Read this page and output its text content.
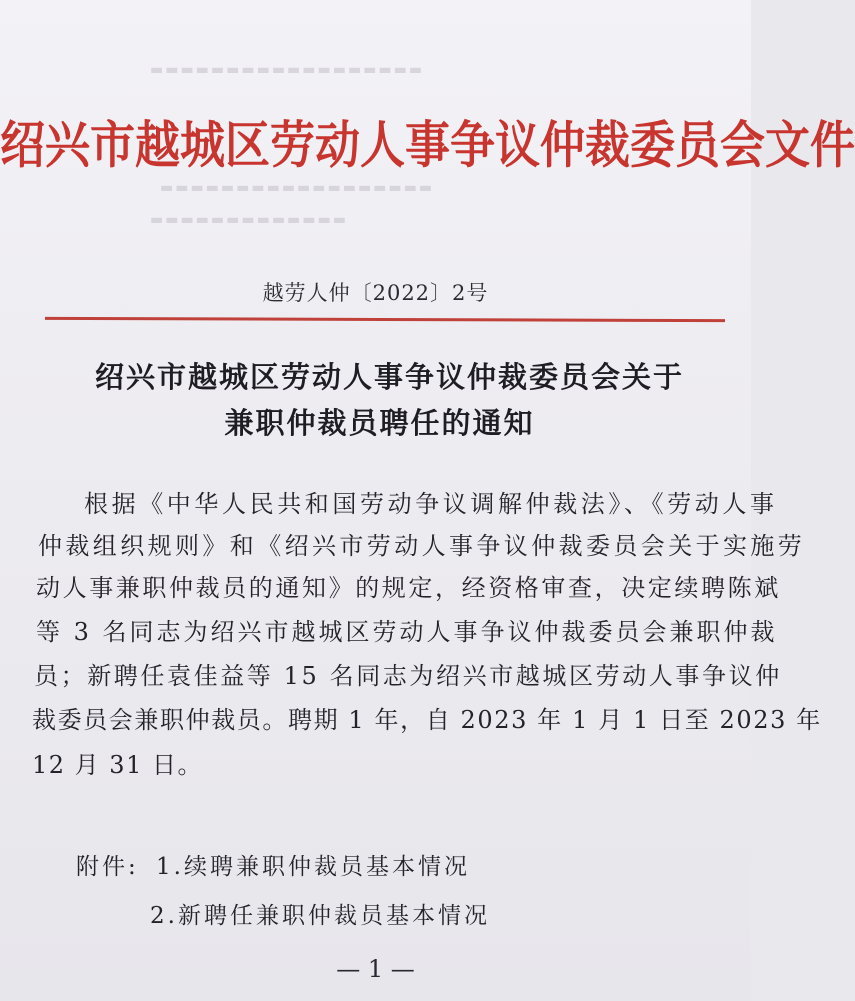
▬▬▬▬▬▬▬▬▬▬▬▬▬▬▬▬▬▬
▬▬▬▬▬▬▬▬▬▬▬▬▬▬▬▬▬▬
▬▬▬▬▬▬▬▬▬▬▬▬▬
绍兴市越城区劳动人事争议仲裁委员会文件
越劳人仲〔2022〕2号
绍兴市越城区劳动人事争议仲裁委员会关于
兼职仲裁员聘任的通知
根据《中华人民共和国劳动争议调解仲裁法》、《劳动人事
仲裁组织规则》和《绍兴市劳动人事争议仲裁委员会关于实施劳
动人事兼职仲裁员的通知》的规定，经资格审查，决定续聘陈斌
等 3 名同志为绍兴市越城区劳动人事争议仲裁委员会兼职仲裁
员；新聘任袁佳益等 15 名同志为绍兴市越城区劳动人事争议仲
裁委员会兼职仲裁员。聘期 1 年，自 2023 年 1 月 1 日至 2023 年
12 月 31 日。
附件: 1.续聘兼职仲裁员基本情况
2.新聘任兼职仲裁员基本情况
— 1 —
